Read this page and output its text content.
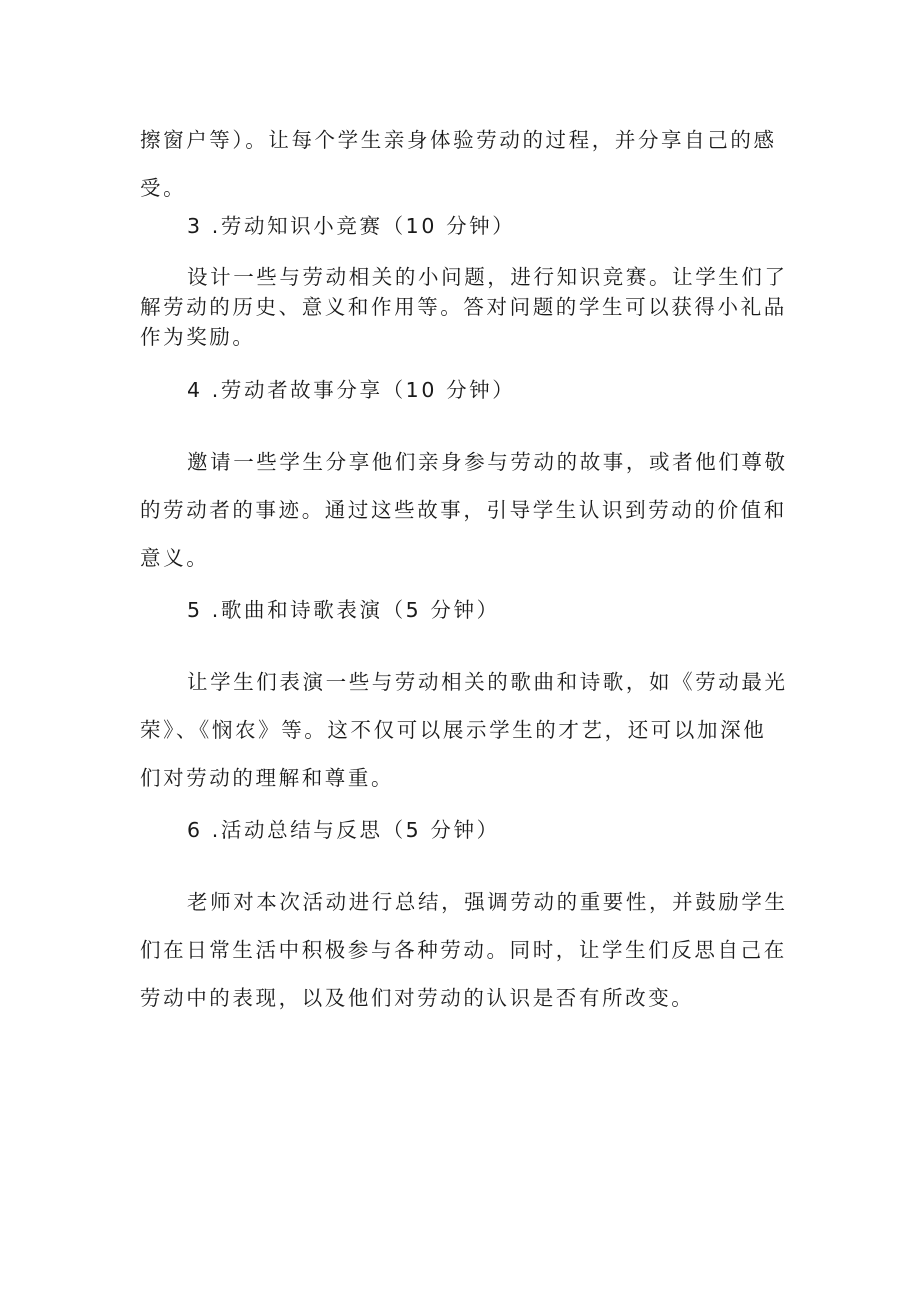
擦窗户等）。让每个学生亲身体验劳动的过程，并分享自己的感
受。

3 .劳动知识小竞赛（10 分钟）

设计一些与劳动相关的小问题，进行知识竞赛。让学生们了
解劳动的历史、意义和作用等。答对问题的学生可以获得小礼品
作为奖励。

4 .劳动者故事分享（10 分钟）

邀请一些学生分享他们亲身参与劳动的故事，或者他们尊敬
的劳动者的事迹。通过这些故事，引导学生认识到劳动的价值和
意义。

5 .歌曲和诗歌表演（5 分钟）

让学生们表演一些与劳动相关的歌曲和诗歌，如《劳动最光
荣》、《悯农》等。这不仅可以展示学生的才艺，还可以加深他
们对劳动的理解和尊重。

6 .活动总结与反思（5 分钟）

老师对本次活动进行总结，强调劳动的重要性，并鼓励学生
们在日常生活中积极参与各种劳动。同时，让学生们反思自己在
劳动中的表现，以及他们对劳动的认识是否有所改变。
